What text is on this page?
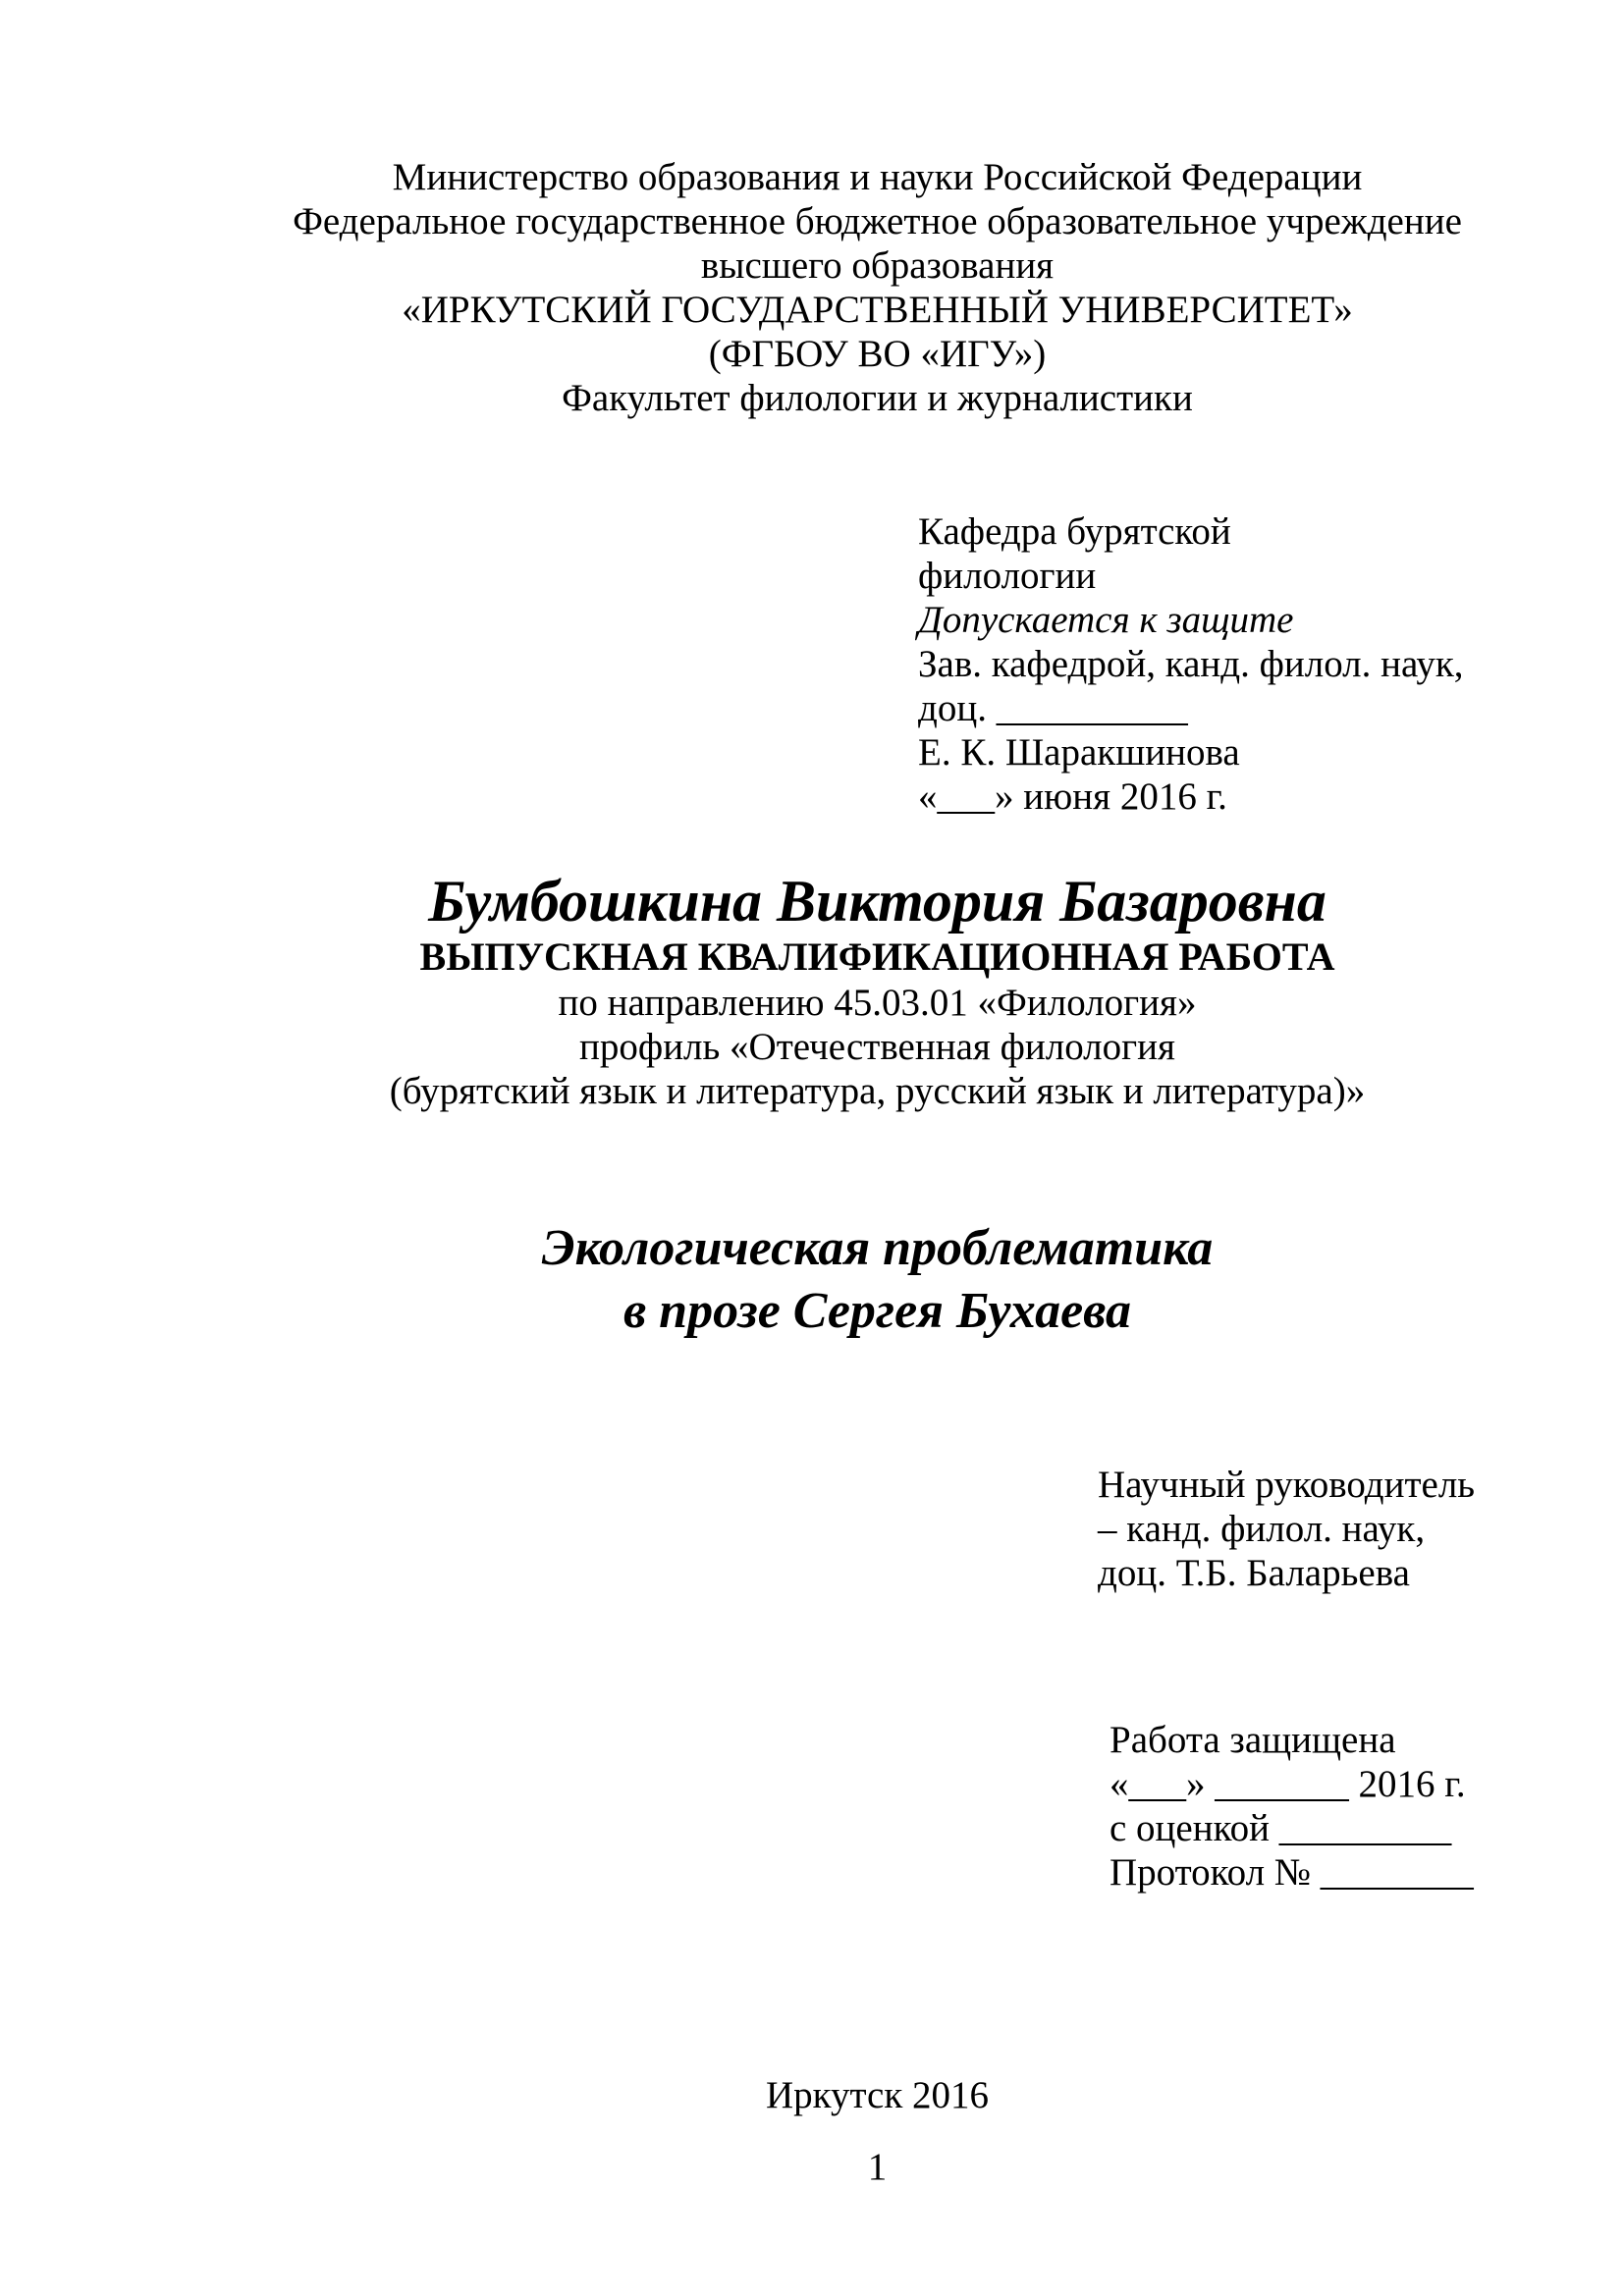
Министерство образования и науки Российской Федерации
Федеральное государственное бюджетное образовательное учреждение
высшего образования
«ИРКУТСКИЙ ГОСУДАРСТВЕННЫЙ УНИВЕРСИТЕТ»
(ФГБОУ ВО «ИГУ»)
Факультет филологии и журналистики
Кафедра бурятской
филологии
Допускается к защите
Зав. кафедрой, канд. филол. наук,
доц. __________
Е. К. Шаракшинова
«___» июня 2016 г.
Бумбошкина Виктория Базаровна
ВЫПУСКНАЯ КВАЛИФИКАЦИОННАЯ РАБОТА
по направлению 45.03.01 «Филология»
профиль «Отечественная филология
(бурятский язык и литература, русский язык и литература)»
Экологическая проблематика
в прозе Сергея Бухаева
Научный руководитель
– канд. филол. наук,
доц. Т.Б. Баларьева
Работа защищена
«___» _______ 2016 г.
с оценкой _________
Протокол № ________
Иркутск 2016
1
